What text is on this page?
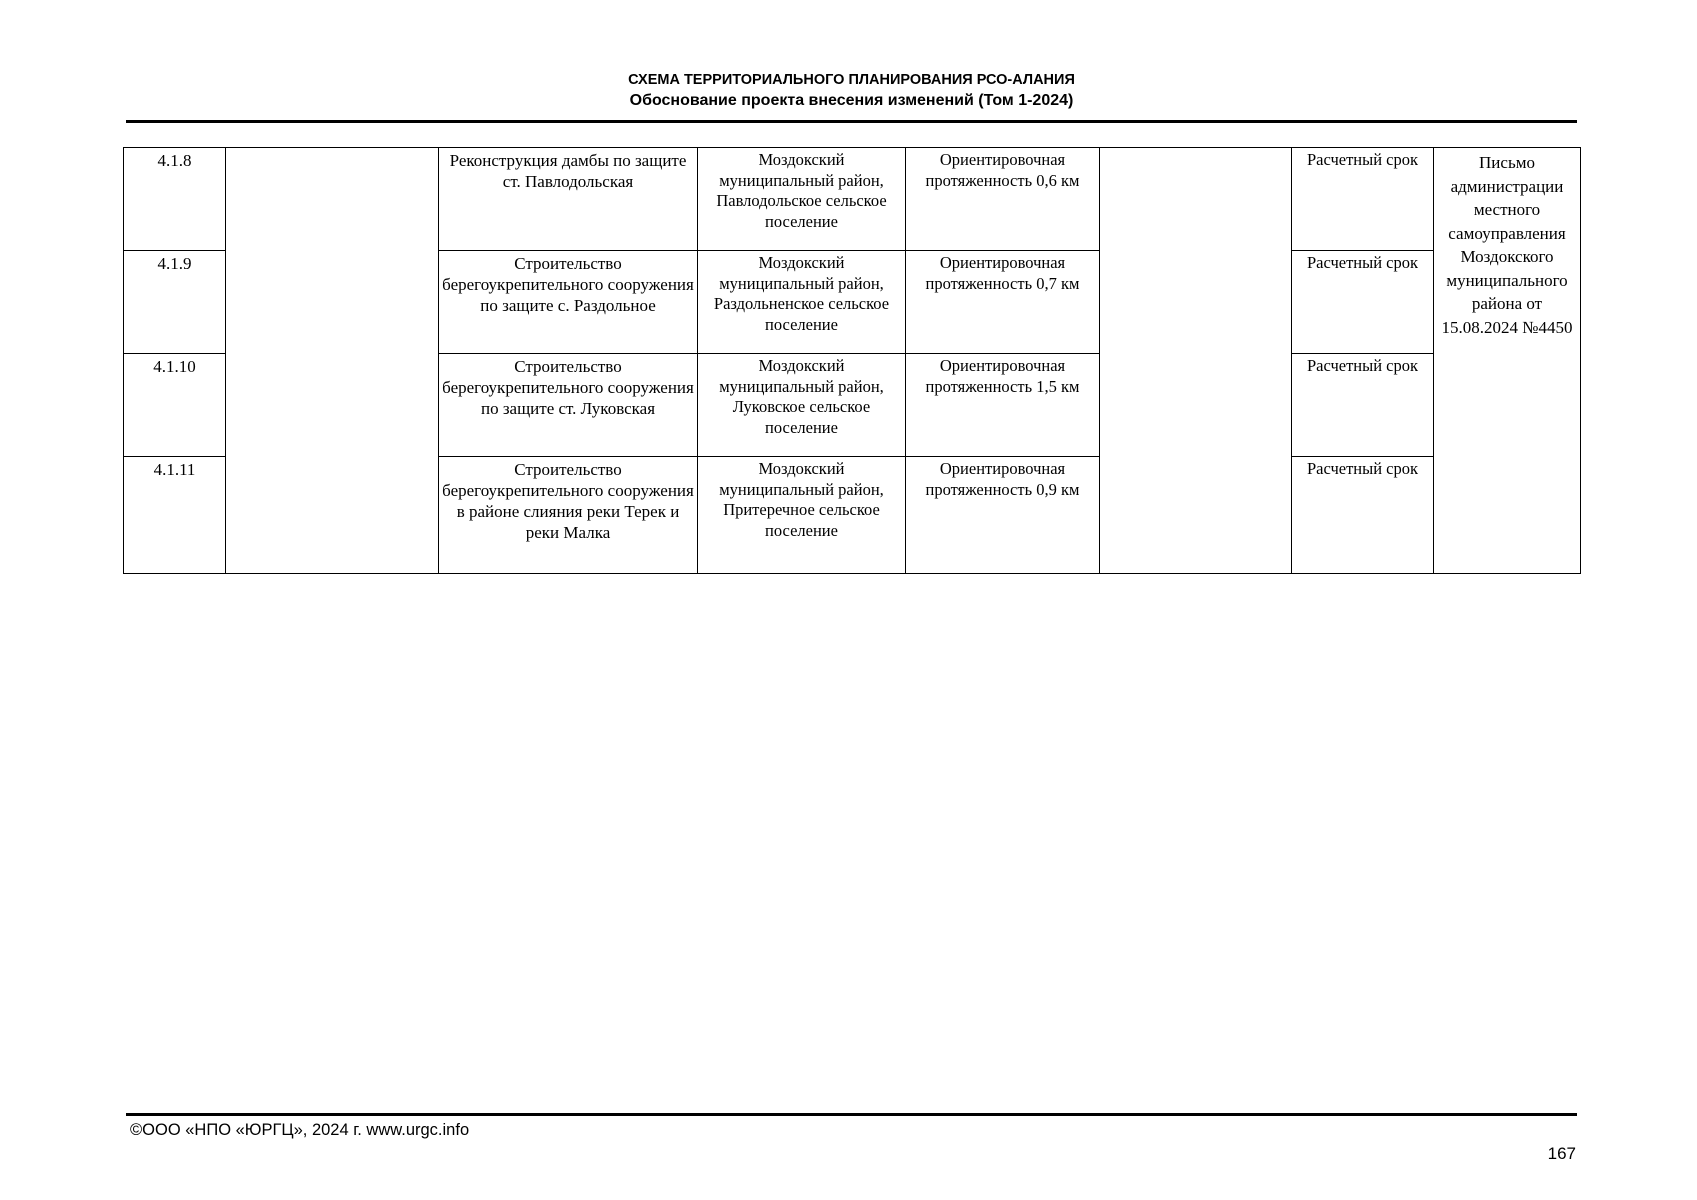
СХЕМА ТЕРРИТОРИАЛЬНОГО ПЛАНИРОВАНИЯ РСО-АЛАНИЯ
Обоснование проекта внесения изменений (Том 1-2024)
4.1.8		Реконструкция дамбы по защите ст. Павлодольская	Моздокский муниципальный район, Павлодольское сельское поселение	Ориентировочная протяженность 0,6 км		Расчетный срок	Письмо администрации местного самоуправления Моздокского муниципального района от 15.08.2024 №4450
4.1.9		Строительство берегоукрепительного сооружения по защите с. Раздольное	Моздокский муниципальный район, Раздольненское сельское поселение	Ориентировочная протяженность 0,7 км		Расчетный срок	
4.1.10		Строительство берегоукрепительного сооружения по защите ст. Луковская	Моздокский муниципальный район, Луковское сельское поселение	Ориентировочная протяженность 1,5 км		Расчетный срок	
4.1.11		Строительство берегоукрепительного сооружения в районе слияния реки Терек и реки Малка	Моздокский муниципальный район, Притеречное сельское поселение	Ориентировочная протяженность 0,9 км		Расчетный срок	
©ООО «НПО «ЮРГЦ», 2024 г. www.urgc.info
167
